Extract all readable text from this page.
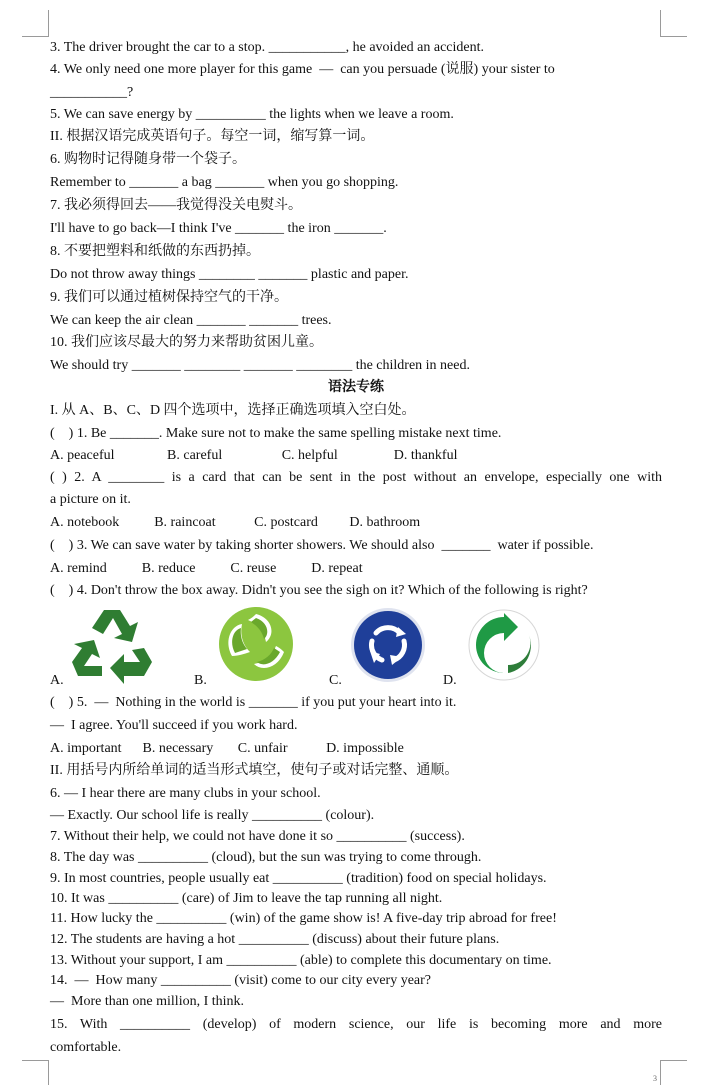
3. The driver brought the car to a stop. ___________, he avoided an accident.
4. We only need one more player for this game  —  can you persuade (说服) your sister to
___________?
5. We can save energy by __________ the lights when we leave a room.
II. 根据汉语完成英语句子。每空一词，缩写算一词。
6. 购物时记得随身带一个袋子。
Remember to _______ a bag _______ when you go shopping.
7. 我必须得回去——我觉得没关电熨斗。
I'll have to go back—I think I've _______ the iron _______.
8. 不要把塑料和纸做的东西扔掉。
Do not throw away things ________ _______ plastic and paper.
9. 我们可以通过植树保持空气的干净。
We can keep the air clean _______ _______ trees.
10. 我们应该尽最大的努力来帮助贫困儿童。
We should try _______ ________ _______ ________ the children in need.
语法专练
I. 从 A、B、C、D 四个选项中，选择正确选项填入空白处。
(    ) 1. Be _______. Make sure not to make the same spelling mistake next time.
A. peaceful               B. careful                 C. helpful                D. thankful
( ) 2. A ________ is a card that can be sent in the post without an envelope, especially one with
a picture on it.
A. notebook          B. raincoat           C. postcard         D. bathroom
(    ) 3. We can save water by taking shorter showers. We should also  _______  water if possible.
A. remind          B. reduce          C. reuse          D. repeat
(    ) 4. Don't throw the box away. Didn't you see the sigh on it? Which of the following is right?
A.	B.	C.	D.
(    ) 5.  —  Nothing in the world is _______ if you put your heart into it.
—  I agree. You'll succeed if you work hard.
A. important      B. necessary       C. unfair           D. impossible
II. 用括号内所给单词的适当形式填空，使句子或对话完整、通顺。
6. — I hear there are many clubs in your school.
— Exactly. Our school life is really __________ (colour).
7. Without their help, we could not have done it so __________ (success).
8. The day was __________ (cloud), but the sun was trying to come through.
9. In most countries, people usually eat __________ (tradition) food on special holidays.
10. It was __________ (care) of Jim to leave the tap running all night.
11. How lucky the __________ (win) of the game show is! A five-day trip abroad for free!
12. The students are having a hot __________ (discuss) about their future plans.
13. Without your support, I am __________ (able) to complete this documentary on time.
14.  —  How many __________ (visit) come to our city every year?
—  More than one million, I think.
15. With __________ (develop) of modern science, our life is becoming more and more
comfortable.
3
